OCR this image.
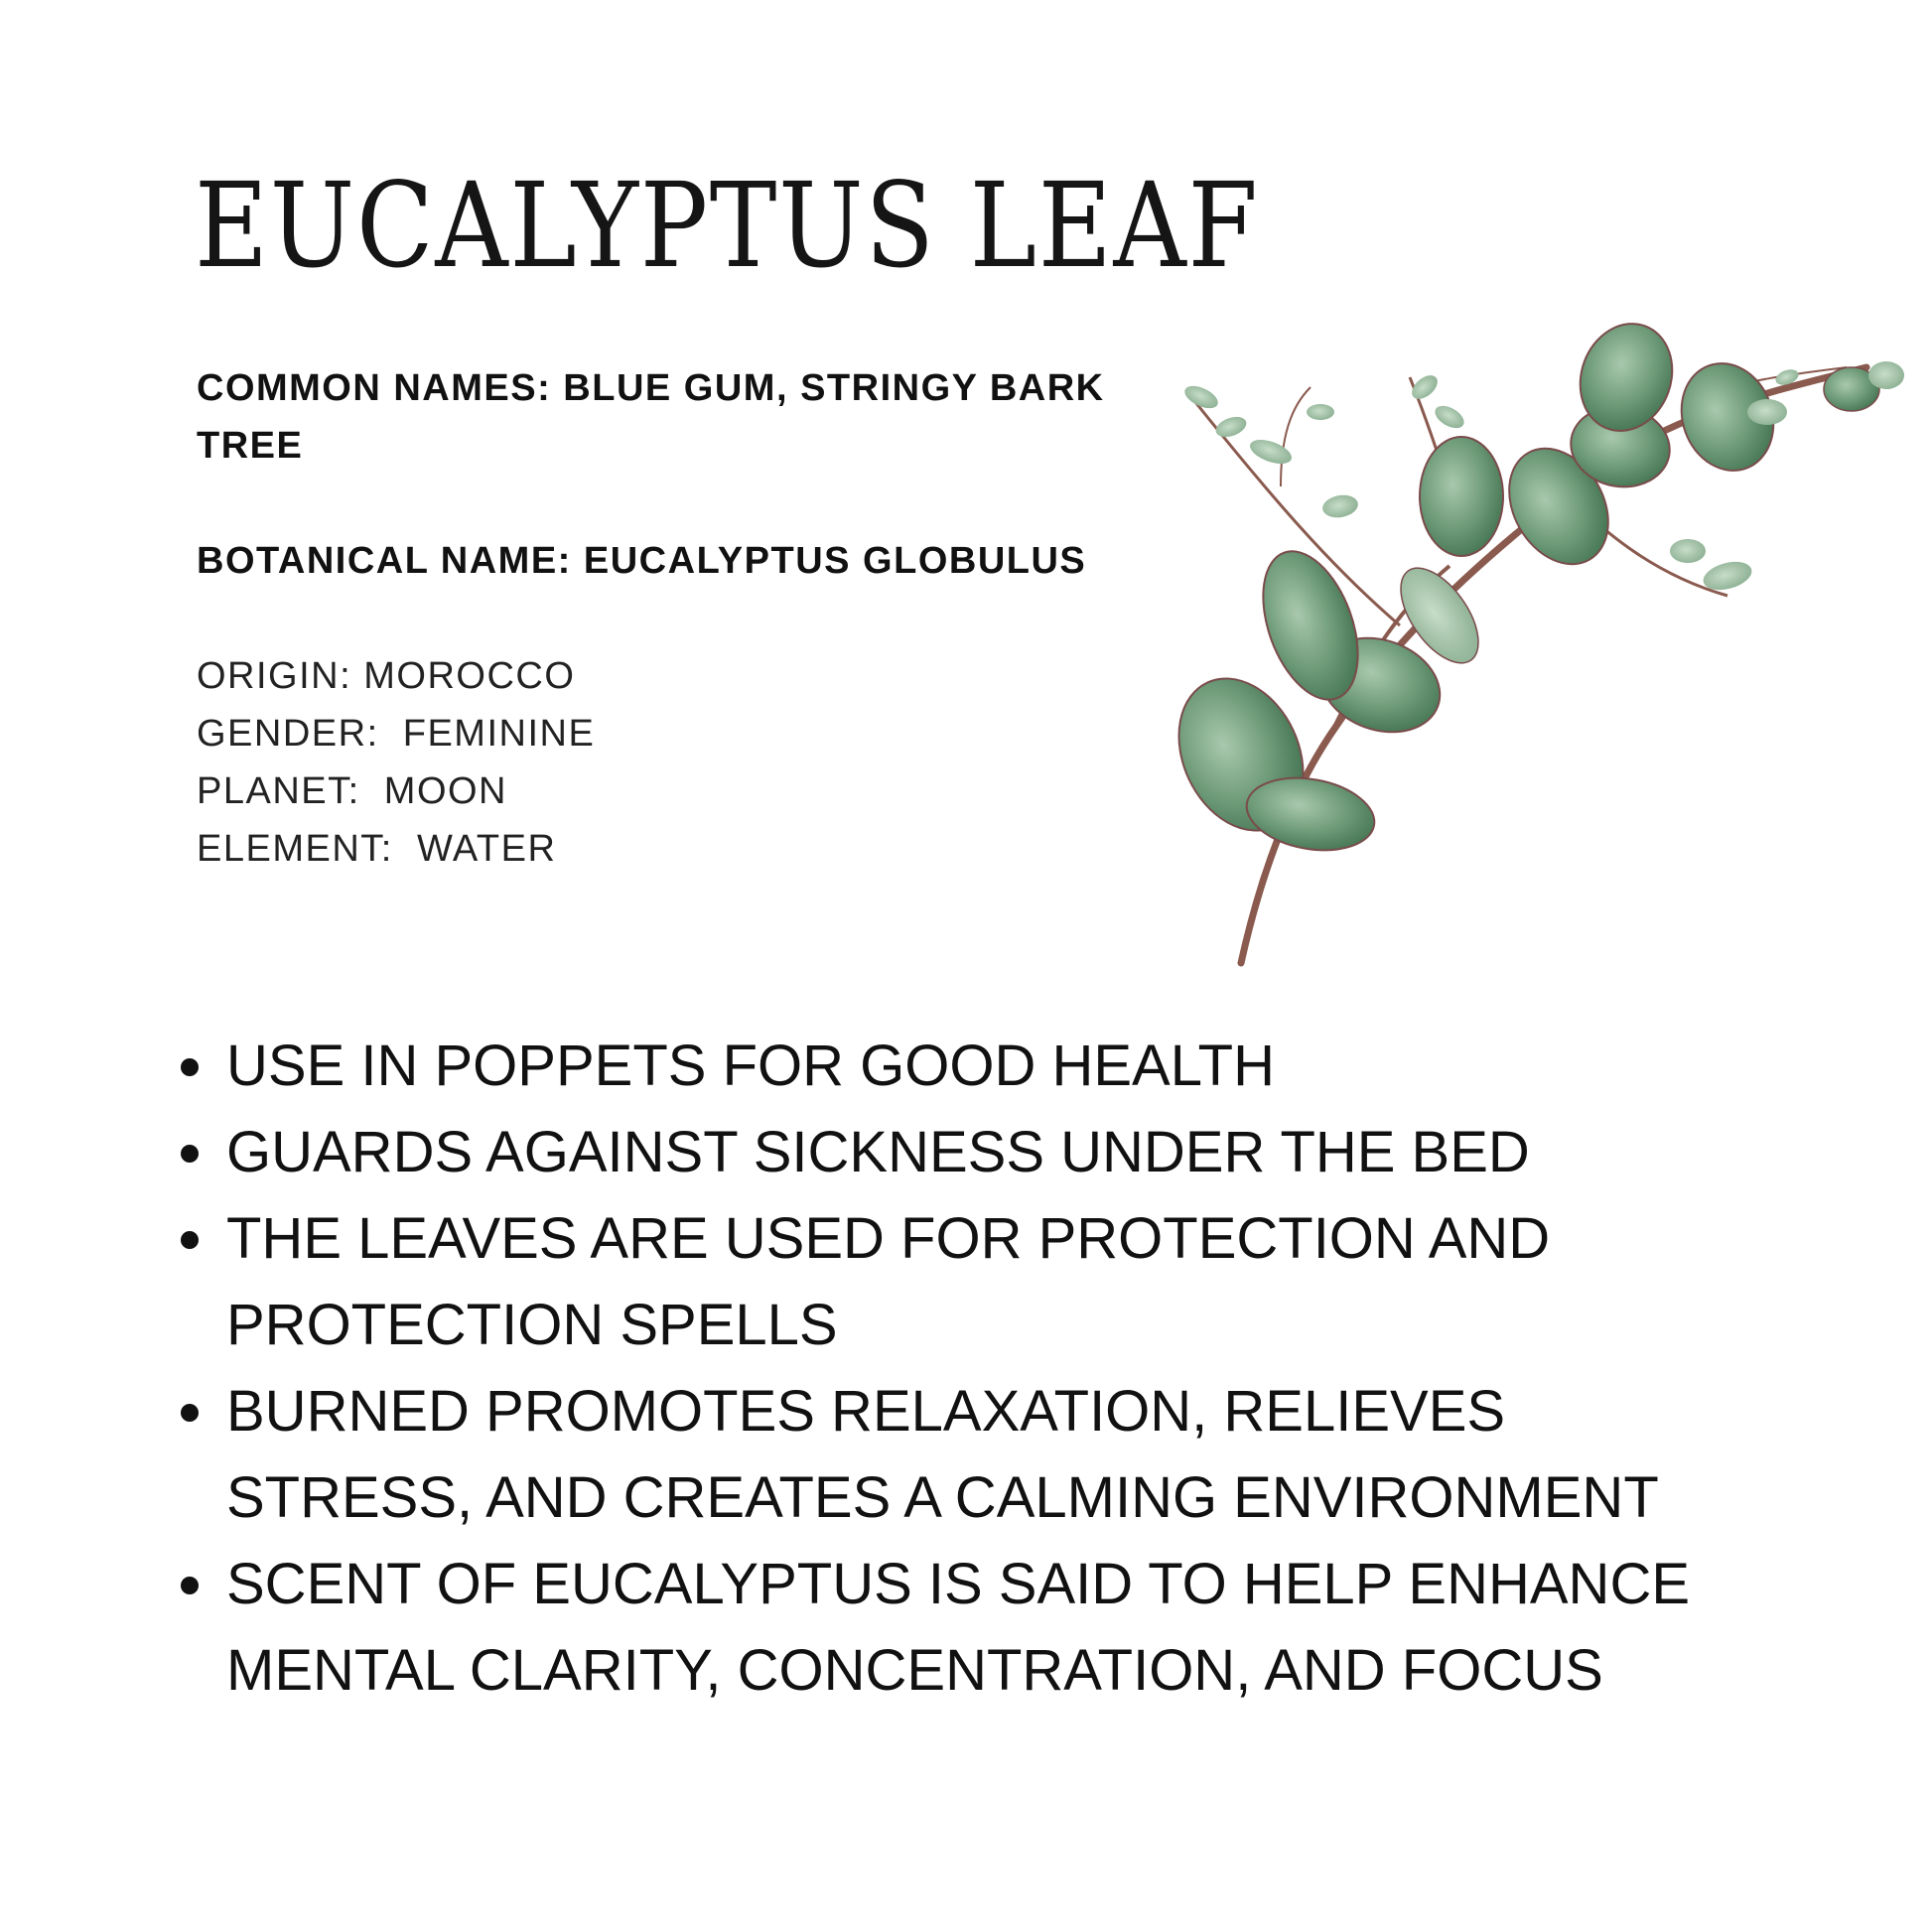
EUCALYPTUS LEAF
COMMON NAMES: BLUE GUM, STRINGY BARK
TREE
BOTANICAL NAME: EUCALYPTUS GLOBULUS
ORIGIN: MOROCCO
GENDER:  FEMININE
PLANET:  MOON
ELEMENT:  WATER
USE IN POPPETS FOR GOOD HEALTH
GUARDS AGAINST SICKNESS UNDER THE BED
THE LEAVES ARE USED FOR PROTECTION AND
PROTECTION SPELLS
BURNED PROMOTES RELAXATION, RELIEVES
STRESS, AND CREATES A CALMING ENVIRONMENT
SCENT OF EUCALYPTUS IS SAID TO HELP ENHANCE
MENTAL CLARITY, CONCENTRATION, AND FOCUS
